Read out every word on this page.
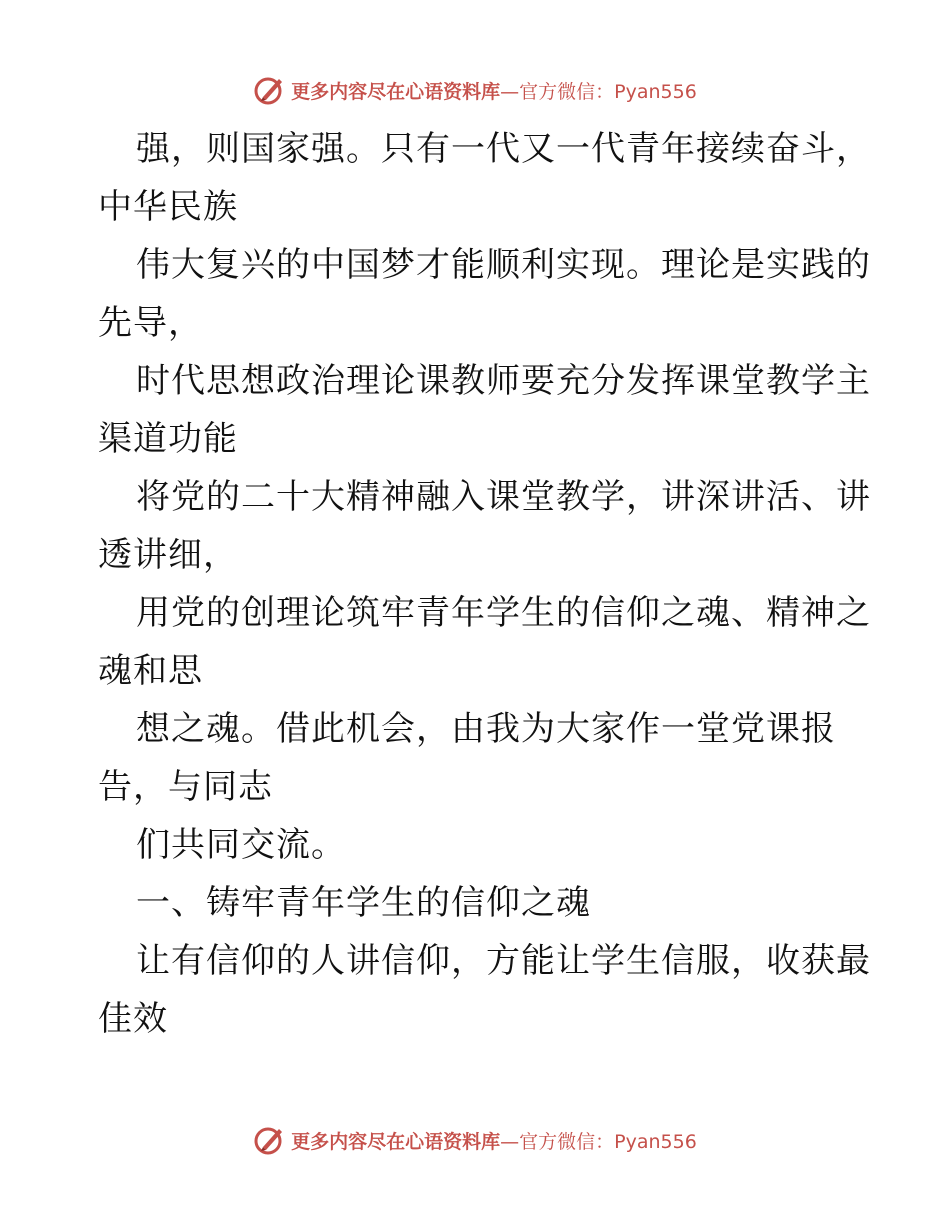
更多内容尽在心语资料库—官方微信：Pyan556
强，则国家强。只有一代又一代青年接续奋斗，
中华民族
伟大复兴的中国梦才能顺利实现。理论是实践的
先导，
时代思想政治理论课教师要充分发挥课堂教学主
渠道功能
将党的二十大精神融入课堂教学，讲深讲活、讲
透讲细，
用党的创理论筑牢青年学生的信仰之魂、精神之
魂和思
想之魂。借此机会，由我为大家作一堂党课报
告，与同志
们共同交流。
一、铸牢青年学生的信仰之魂
让有信仰的人讲信仰，方能让学生信服，收获最
佳效
更多内容尽在心语资料库—官方微信：Pyan556
